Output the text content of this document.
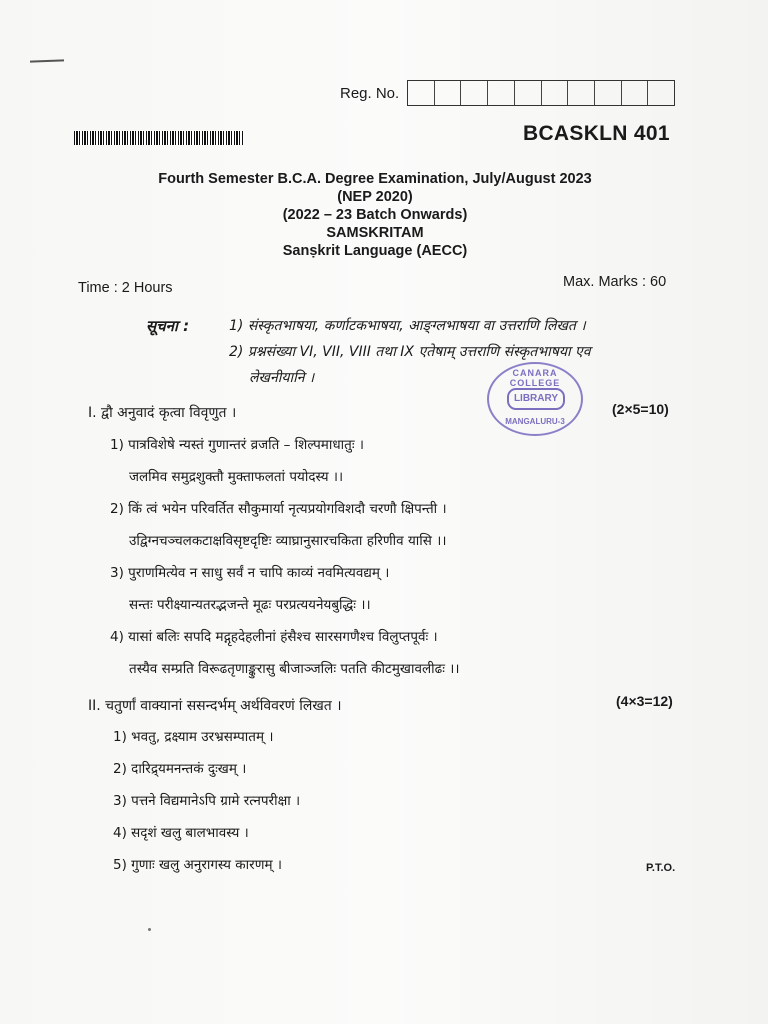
Reg. No.
BCASKLN 401
Fourth Semester B.C.A. Degree Examination, July/August 2023
(NEP 2020)
(2022 – 23 Batch Onwards)
SAMSKRITAM
Sanṣkrit Language (AECC)
Time : 2 Hours	Max. Marks : 60
सूचना :	1) संस्कृतभाषया, कर्णाटकभाषया, आङ्ग्लभाषया वा उत्तराणि लिखत ।
2) प्रश्नसंख्या VI, VII, VIII तथा IX एतेषाम् उत्तराणि संस्कृतभाषया एव
लेखनीयानि ।	CANARA COLLEGE
LIBRARY
MANGALURU-3
I. द्वौ अनुवादं कृत्वा विवृणुत ।	(2×5=10)
1) पात्रविशेषे न्यस्तं गुणान्तरं व्रजति – शिल्पमाधातुः ।
जलमिव समुद्रशुक्तौ मुक्ताफलतां पयोदस्य ।।
2) किं त्वं भयेन परिवर्तित सौकुमार्या नृत्यप्रयोगविशदौ चरणौ क्षिपन्ती ।
उद्विग्नचञ्चलकटाक्षविसृष्टदृष्टिः व्याघ्रानुसारचकिता हरिणीव यासि ।।
3) पुराणमित्येव न साधु सर्वं न चापि काव्यं नवमित्यवद्यम् ।
सन्तः परीक्ष्यान्यतरद्भजन्ते मूढः परप्रत्ययनेयबुद्धिः ।।
4) यासां बलिः सपदि मद्गृहदेहलीनां हंसैश्च सारसगणैश्च विलुप्तपूर्वः ।
तस्यैव सम्प्रति विरूढतृणाङ्कुरासु बीजाञ्जलिः पतति कीटमुखावलीढः ।।
II. चतुर्णां वाक्यानां ससन्दर्भम् अर्थविवरणं लिखत ।	(4×3=12)
1) भवतु, द्रक्ष्याम उरभ्रसम्पातम् ।
2) दारिद्र्यमनन्तकं दुःखम् ।
3) पत्तने विद्यमानेऽपि ग्रामे रत्नपरीक्षा ।
4) सदृशं खलु बालभावस्य ।
5) गुणाः खलु अनुरागस्य कारणम् ।	P.T.O.
